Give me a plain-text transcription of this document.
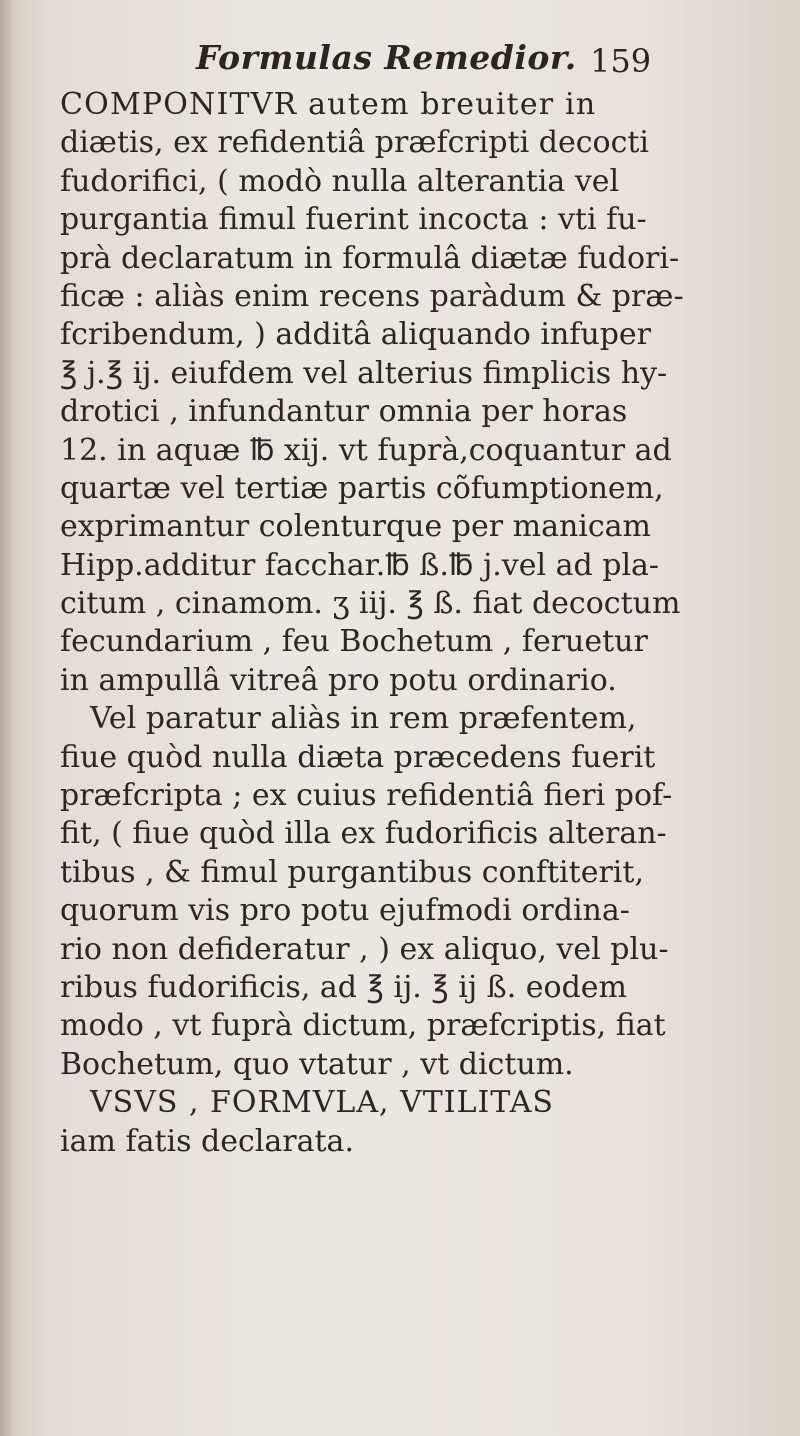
Formulas Remedior. 159
COMPONITVR autem breuiter in
diætis, ex refidentiâ præfcripti decocti
fudorifici, ( modò nulla alterantia vel
purgantia fimul fuerint incocta : vti fu-
prà declaratum in formulâ diætæ fudori-
ficæ : aliàs enim recens paràdum & præ-
fcribendum, ) additâ aliquando infuper
℥ j.℥ ij. eiufdem vel alterius fimplicis hy-
drotici , infundantur omnia per horas
12. in aquæ ℔ xij. vt fuprà,coquantur ad
quartæ vel tertiæ partis cõfumptionem,
exprimantur colenturque per manicam
Hipp.additur facchar.℔ ß.℔ j.vel ad pla-
citum , cinamom. ʒ iij. ℥ ß. fiat decoctum
fecundarium , feu Bochetum , feruetur
in ampullâ vitreâ pro potu ordinario.
Vel paratur aliàs in rem præfentem,
fiue quòd nulla diæta præcedens fuerit
præfcripta ; ex cuius refidentiâ fieri pof-
fit, ( fiue quòd illa ex fudorificis alteran-
tibus , & fimul purgantibus conftiterit,
quorum vis pro potu ejufmodi ordina-
rio non defideratur , ) ex aliquo, vel plu-
ribus fudorificis, ad ℥ ij. ℥ ij ß. eodem
modo , vt fuprà dictum, præfcriptis, fiat
Bochetum, quo vtatur , vt dictum.
VSVS , FORMVLA, VTILITAS
iam fatis declarata.
